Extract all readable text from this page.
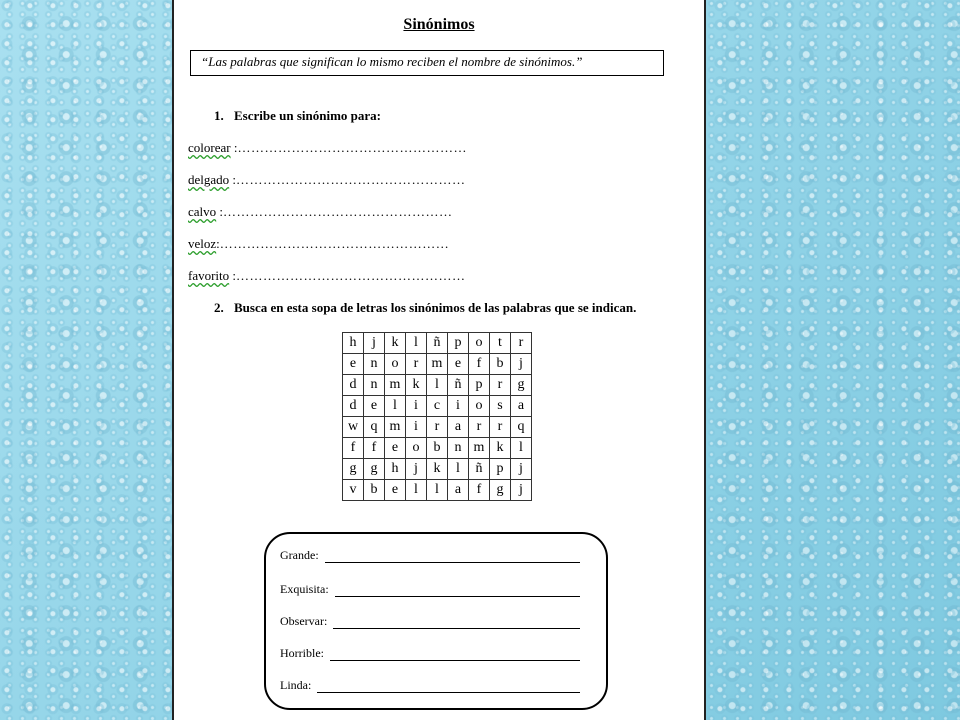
Sinónimos
“Las palabras que significan lo mismo reciben el nombre de sinónimos.”
1. Escribe un sinónimo para:
colorear :……………………………………………
delgado :……………………………………………
calvo :……………………………………………
veloz:……………………………………………
favorito :……………………………………………
2. Busca en esta sopa de letras los sinónimos de las palabras que se indican.
h	j	k	l	ñ	p	o	t	r
e	n	o	r	m	e	f	b	j
d	n	m	k	l	ñ	p	r	g
d	e	l	i	c	i	o	s	a
w	q	m	i	r	a	r	r	q
f	f	e	o	b	n	m	k	l
g	g	h	j	k	l	ñ	p	j
v	b	e	l	l	a	f	g	j
Grande:
Exquisita:
Observar:
Horrible:
Linda:
